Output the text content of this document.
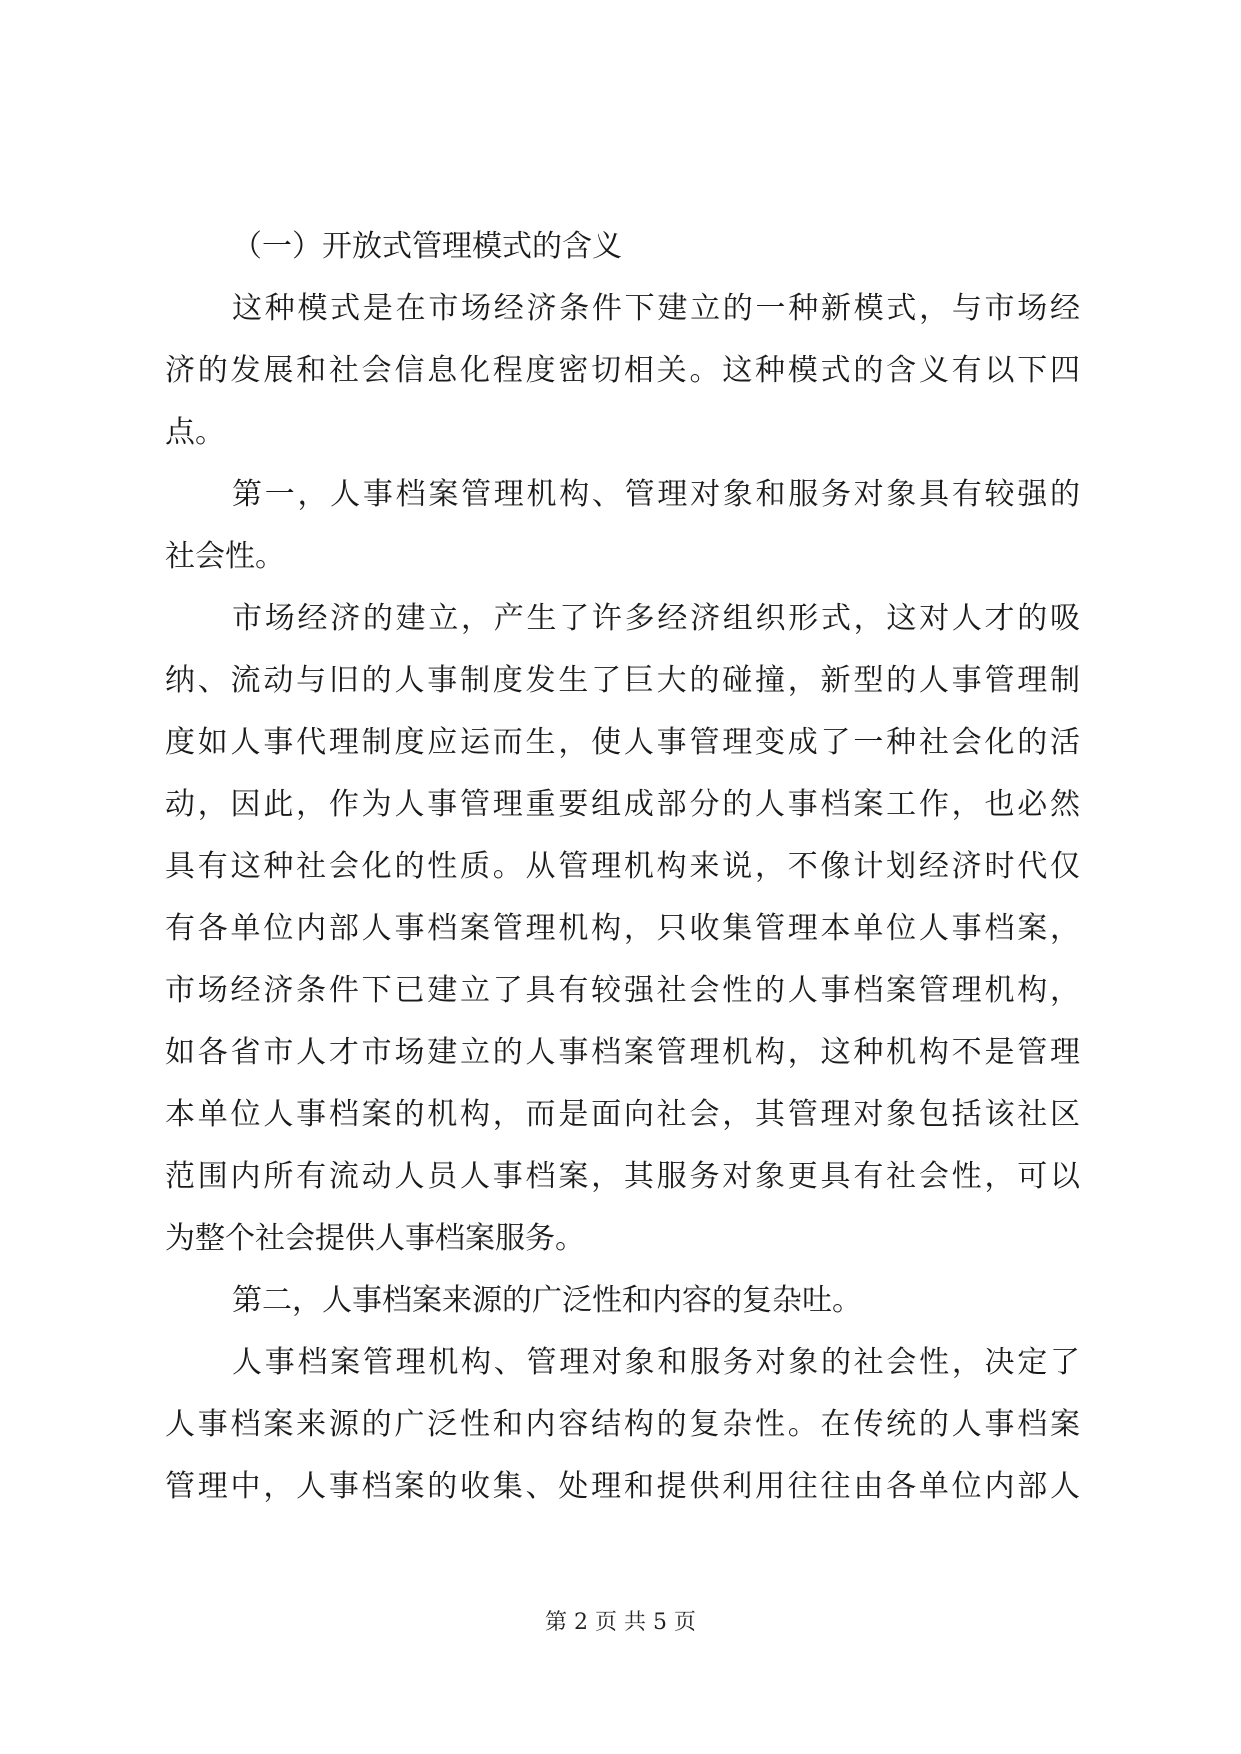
（一）开放式管理模式的含义
这种模式是在市场经济条件下建立的一种新模式，与市场经
济的发展和社会信息化程度密切相关。这种模式的含义有以下四
点。
第一，人事档案管理机构、管理对象和服务对象具有较强的
社会性。
市场经济的建立，产生了许多经济组织形式，这对人才的吸
纳、流动与旧的人事制度发生了巨大的碰撞，新型的人事管理制
度如人事代理制度应运而生，使人事管理变成了一种社会化的活
动，因此，作为人事管理重要组成部分的人事档案工作，也必然
具有这种社会化的性质。从管理机构来说，不像计划经济时代仅
有各单位内部人事档案管理机构，只收集管理本单位人事档案，
市场经济条件下已建立了具有较强社会性的人事档案管理机构，
如各省市人才市场建立的人事档案管理机构，这种机构不是管理
本单位人事档案的机构，而是面向社会，其管理对象包括该社区
范围内所有流动人员人事档案，其服务对象更具有社会性，可以
为整个社会提供人事档案服务。
第二，人事档案来源的广泛性和内容的复杂吐。
人事档案管理机构、管理对象和服务对象的社会性，决定了
人事档案来源的广泛性和内容结构的复杂性。在传统的人事档案
管理中，人事档案的收集、处理和提供利用往往由各单位内部人
第 2 页 共 5 页
